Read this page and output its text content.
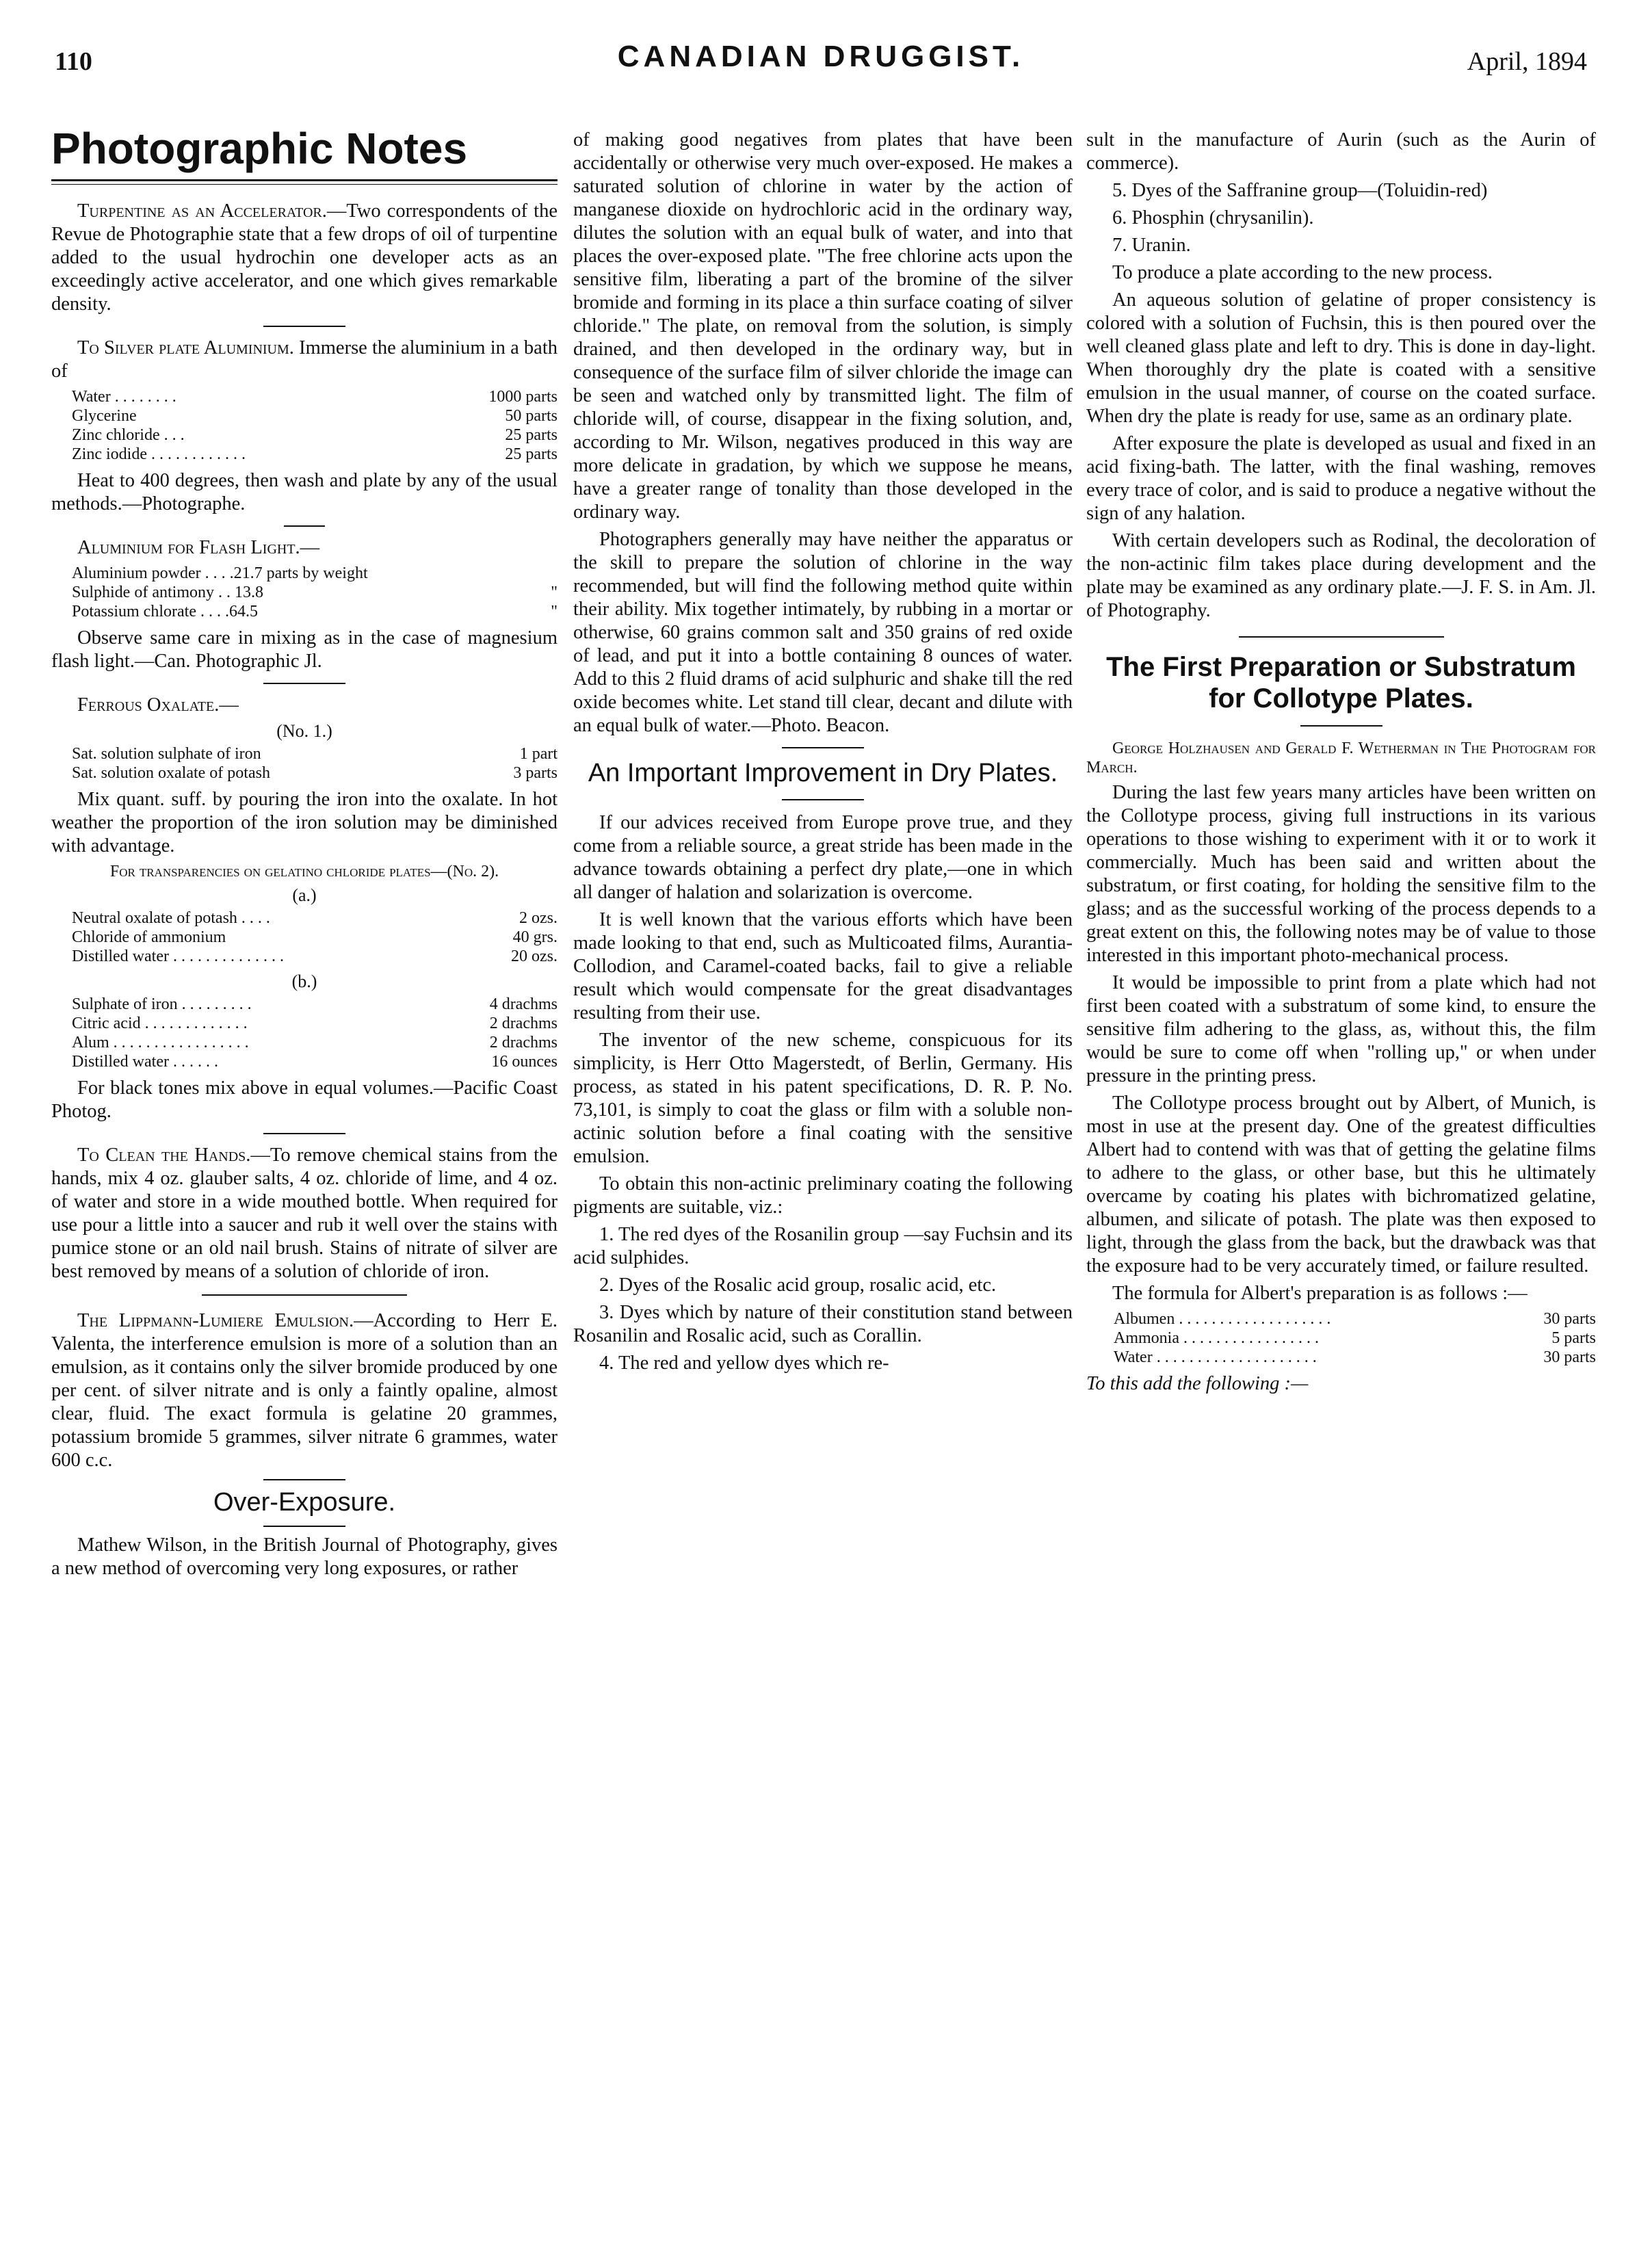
110	CANADIAN DRUGGIST.	April, 1894
Photographic Notes

Turpentine as an Accelerator.—Two correspondents of the Revue de Photographie state that a few drops of oil of turpentine added to the usual hydrochin one developer acts as an exceedingly active accelerator, and one which gives remarkable density.

To Silver plate Aluminium. Immerse the aluminium in a bath of

Water . . . . . . . .	1000 parts
Glycerine	50 parts
Zinc chloride . . .	25 parts
Zinc iodide . . . . . . . . . . . .	25 parts

Heat to 400 degrees, then wash and plate by any of the usual methods.—Photographe.

Aluminium for Flash Light.—

Aluminium powder . . . .21.7 parts by weight
Sulphide of antimony . . 13.8	"
Potassium chlorate . . . .64.5	"

Observe same care in mixing as in the case of magnesium flash light.—Can. Photographic Jl.

Ferrous Oxalate.—

(No. 1.)
Sat. solution sulphate of iron	1 part
Sat. solution oxalate of potash	3 parts

Mix quant. suff. by pouring the iron into the oxalate. In hot weather the proportion of the iron solution may be diminished with advantage.

For transparencies on gelatino chloride plates—(No. 2).

(a.)
Neutral oxalate of potash . . . .	2 ozs.
Chloride of ammonium	40 grs.
Distilled water . . . . . . . . . . . . . .	20 ozs.
(b.)
Sulphate of iron . . . . . . . . .	4 drachms
Citric acid . . . . . . . . . . . . .	2 drachms
Alum . . . . . . . . . . . . . . . . .	2 drachms
Distilled water . . . . . .	16 ounces

For black tones mix above in equal volumes.—Pacific Coast Photog.

To Clean the Hands.—To remove chemical stains from the hands, mix 4 oz. glauber salts, 4 oz. chloride of lime, and 4 oz. of water and store in a wide mouthed bottle. When required for use pour a little into a saucer and rub it well over the stains with pumice stone or an old nail brush. Stains of nitrate of silver are best removed by means of a solution of chloride of iron.

The Lippmann-Lumiere Emulsion.—According to Herr E. Valenta, the interference emulsion is more of a solution than an emulsion, as it contains only the silver bromide produced by one per cent. of silver nitrate and is only a faintly opaline, almost clear, fluid. The exact formula is gelatine 20 grammes, potassium bromide 5 grammes, silver nitrate 6 grammes, water 600 c.c.

Over-Exposure.

Mathew Wilson, in the British Journal of Photography, gives a new method of overcoming very long exposures, or rather

of making good negatives from plates that have been accidentally or otherwise very much over-exposed. He makes a saturated solution of chlorine in water by the action of manganese dioxide on hydrochloric acid in the ordinary way, dilutes the solution with an equal bulk of water, and into that places the over-exposed plate. "The free chlorine acts upon the sensitive film, liberating a part of the bromine of the silver bromide and forming in its place a thin surface coating of silver chloride." The plate, on removal from the solution, is simply drained, and then developed in the ordinary way, but in consequence of the surface film of silver chloride the image can be seen and watched only by transmitted light. The film of chloride will, of course, disappear in the fixing solution, and, according to Mr. Wilson, negatives produced in this way are more delicate in gradation, by which we suppose he means, have a greater range of tonality than those developed in the ordinary way.

Photographers generally may have neither the apparatus or the skill to prepare the solution of chlorine in the way recommended, but will find the following method quite within their ability. Mix together intimately, by rubbing in a mortar or otherwise, 60 grains common salt and 350 grains of red oxide of lead, and put it into a bottle containing 8 ounces of water. Add to this 2 fluid drams of acid sulphuric and shake till the red oxide becomes white. Let stand till clear, decant and dilute with an equal bulk of water.—Photo. Beacon.

An Important Improvement in Dry Plates.

If our advices received from Europe prove true, and they come from a reliable source, a great stride has been made in the advance towards obtaining a perfect dry plate,—one in which all danger of halation and solarization is overcome.

It is well known that the various efforts which have been made looking to that end, such as Multicoated films, Aurantia-Collodion, and Caramel-coated backs, fail to give a reliable result which would compensate for the great disadvantages resulting from their use.

The inventor of the new scheme, conspicuous for its simplicity, is Herr Otto Magerstedt, of Berlin, Germany. His process, as stated in his patent specifications, D. R. P. No. 73,101, is simply to coat the glass or film with a soluble non-actinic solution before a final coating with the sensitive emulsion.

To obtain this non-actinic preliminary coating the following pigments are suitable, viz.:

1. The red dyes of the Rosanilin group —say Fuchsin and its acid sulphides.

2. Dyes of the Rosalic acid group, rosalic acid, etc.

3. Dyes which by nature of their constitution stand between Rosanilin and Rosalic acid, such as Corallin.

4. The red and yellow dyes which re-

sult in the manufacture of Aurin (such as the Aurin of commerce).

5. Dyes of the Saffranine group—(Toluidin-red)

6. Phosphin (chrysanilin).

7. Uranin.

To produce a plate according to the new process.

An aqueous solution of gelatine of proper consistency is colored with a solution of Fuchsin, this is then poured over the well cleaned glass plate and left to dry. This is done in day-light. When thoroughly dry the plate is coated with a sensitive emulsion in the usual manner, of course on the coated surface. When dry the plate is ready for use, same as an ordinary plate.

After exposure the plate is developed as usual and fixed in an acid fixing-bath. The latter, with the final washing, removes every trace of color, and is said to produce a negative without the sign of any halation.

With certain developers such as Rodinal, the decoloration of the non-actinic film takes place during development and the plate may be examined as any ordinary plate.—J. F. S. in Am. Jl. of Photography.

The First Preparation or Substratum for Collotype Plates.

George Holzhausen and Gerald F. Wetherman in The Photogram for March.

During the last few years many articles have been written on the Collotype process, giving full instructions in its various operations to those wishing to experiment with it or to work it commercially. Much has been said and written about the substratum, or first coating, for holding the sensitive film to the glass; and as the successful working of the process depends to a great extent on this, the following notes may be of value to those interested in this important photo-mechanical process.

It would be impossible to print from a plate which had not first been coated with a substratum of some kind, to ensure the sensitive film adhering to the glass, as, without this, the film would be sure to come off when "rolling up," or when under pressure in the printing press.

The Collotype process brought out by Albert, of Munich, is most in use at the present day. One of the greatest difficulties Albert had to contend with was that of getting the gelatine films to adhere to the glass, or other base, but this he ultimately overcame by coating his plates with bichromatized gelatine, albumen, and silicate of potash. The plate was then exposed to light, through the glass from the back, but the drawback was that the exposure had to be very accurately timed, or failure resulted.

The formula for Albert's preparation is as follows :—

Albumen . . . . . . . . . . . . . . . . . . .	30 parts
Ammonia . . . . . . . . . . . . . . . . .	5 parts
Water . . . . . . . . . . . . . . . . . . . .	30 parts

To this add the following :—
